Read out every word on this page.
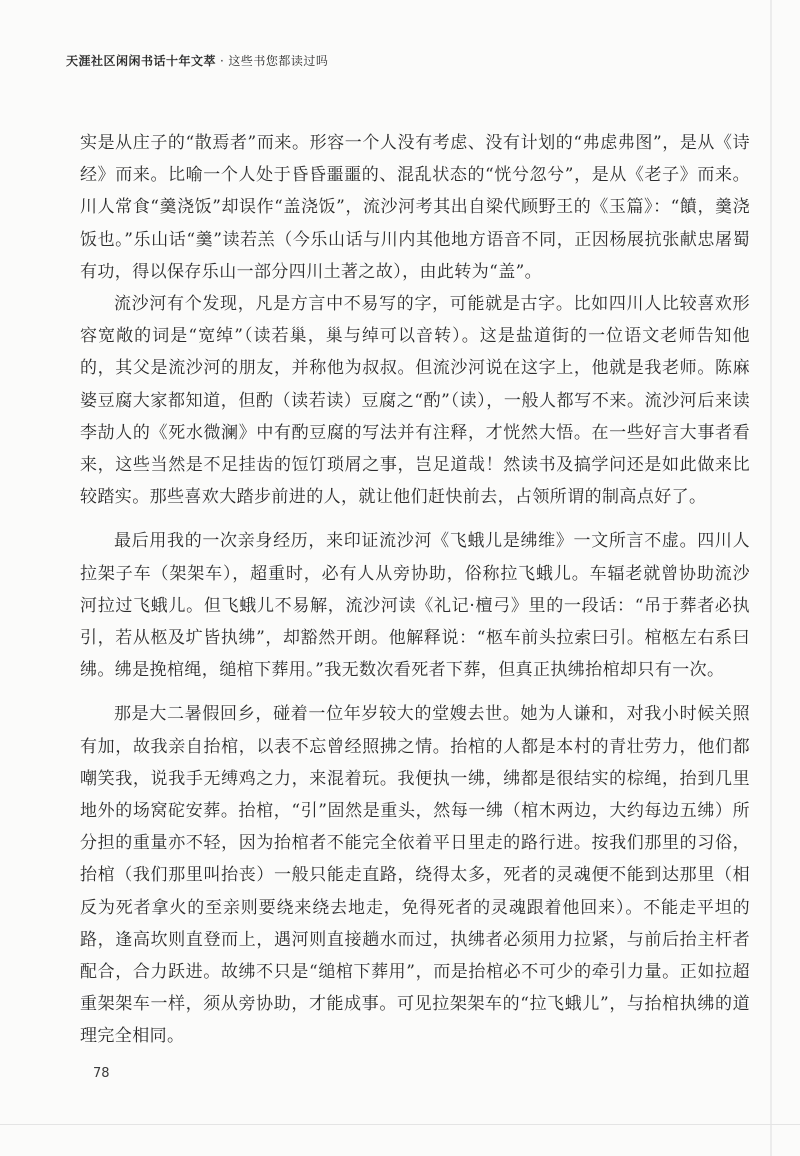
天涯社区闲闲书话十年文萃 · 这些书您都读过吗

实是从庄子的“散焉者”而来。形容一个人没有考虑、没有计划的“弗虑弗图”，是从《诗经》而来。比喻一个人处于昏昏噩噩的、混乱状态的“恍兮忽兮”，是从《老子》而来。川人常食“羹浇饭”却误作“盖浇饭”，流沙河考其出自梁代顾野王的《玉篇》：“饙，羹浇饭也。”乐山话“羹”读若羔（今乐山话与川内其他地方语音不同，正因杨展抗张献忠屠蜀有功，得以保存乐山一部分四川土著之故），由此转为“盖”。

流沙河有个发现，凡是方言中不易写的字，可能就是古字。比如四川人比较喜欢形容宽敞的词是“宽绰”（读若巢，巢与绰可以音转）。这是盐道街的一位语文老师告知他的，其父是流沙河的朋友，并称他为叔叔。但流沙河说在这字上，他就是我老师。陈麻婆豆腐大家都知道，但酌（读若读）豆腐之“酌”（读），一般人都写不来。流沙河后来读李劼人的《死水微澜》中有酌豆腐的写法并有注释，才恍然大悟。在一些好言大事者看来，这些当然是不足挂齿的饾饤琐屑之事，岂足道哉！然读书及搞学问还是如此做来比较踏实。那些喜欢大踏步前进的人，就让他们赶快前去，占领所谓的制高点好了。

最后用我的一次亲身经历，来印证流沙河《飞蛾儿是绋维》一文所言不虚。四川人拉架子车（架架车），超重时，必有人从旁协助，俗称拉飞蛾儿。车辐老就曾协助流沙河拉过飞蛾儿。但飞蛾儿不易解，流沙河读《礼记·檀弓》里的一段话：“吊于葬者必执引，若从柩及圹皆执绋”，却豁然开朗。他解释说：“柩车前头拉索曰引。棺柩左右系曰绋。绋是挽棺绳，缒棺下葬用。”我无数次看死者下葬，但真正执绋抬棺却只有一次。

那是大二暑假回乡，碰着一位年岁较大的堂嫂去世。她为人谦和，对我小时候关照有加，故我亲自抬棺，以表不忘曾经照拂之情。抬棺的人都是本村的青壮劳力，他们都嘲笑我，说我手无缚鸡之力，来混着玩。我便执一绋，绋都是很结实的棕绳，抬到几里地外的场窝砣安葬。抬棺，“引”固然是重头，然每一绋（棺木两边，大约每边五绋）所分担的重量亦不轻，因为抬棺者不能完全依着平日里走的路行进。按我们那里的习俗，抬棺（我们那里叫抬丧）一般只能走直路，绕得太多，死者的灵魂便不能到达那里（相反为死者拿火的至亲则要绕来绕去地走，免得死者的灵魂跟着他回来）。不能走平坦的路，逢高坎则直登而上，遇河则直接趟水而过，执绋者必须用力拉紧，与前后抬主杆者配合，合力跃进。故绋不只是“缒棺下葬用”，而是抬棺必不可少的牵引力量。正如拉超重架架车一样，须从旁协助，才能成事。可见拉架架车的“拉飞蛾儿”，与抬棺执绋的道理完全相同。

78
